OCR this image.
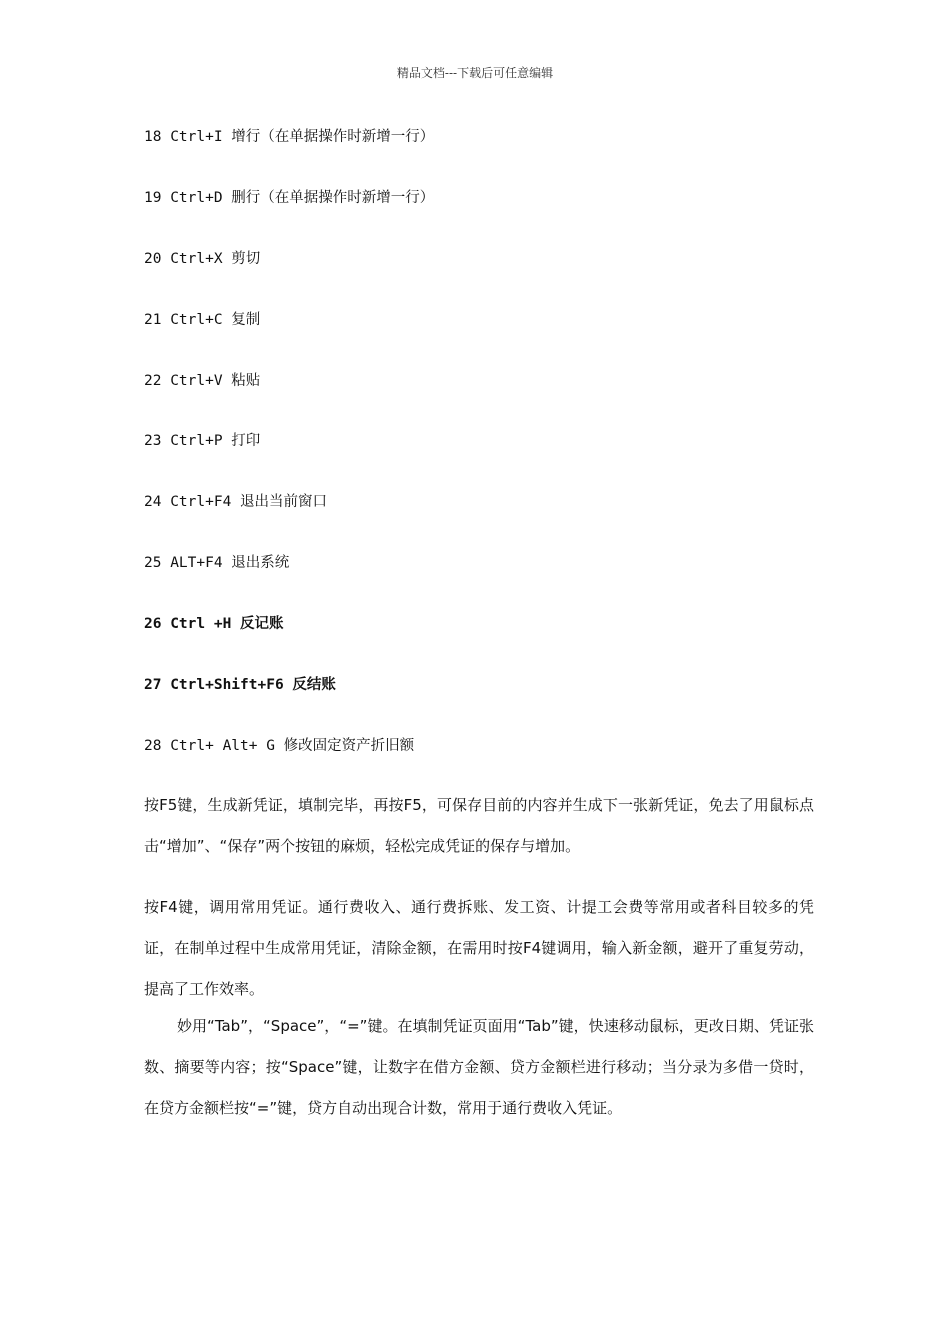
精品文档---下载后可任意编辑
18 Ctrl+I 增行（在单据操作时新增一行）
19 Ctrl+D 删行（在单据操作时新增一行）
20 Ctrl+X 剪切
21 Ctrl+C 复制
22 Ctrl+V 粘贴
23 Ctrl+P 打印
24 Ctrl+F4 退出当前窗口
25 ALT+F4 退出系统
26 Ctrl +H 反记账
27 Ctrl+Shift+F6 反结账
28 Ctrl+ Alt+ G 修改固定资产折旧额
按F5键，生成新凭证，填制完毕，再按F5，可保存目前的内容并生成下一张新凭证，免去了用鼠标点击“增加”、“保存”两个按钮的麻烦，轻松完成凭证的保存与增加。
按F4键，调用常用凭证。通行费收入、通行费拆账、发工资、计提工会费等常用或者科目较多的凭证，在制单过程中生成常用凭证，清除金额，在需用时按F4键调用，输入新金额，避开了重复劳动，提高了工作效率。
妙用“Tab”，“Space”，“=”键。在填制凭证页面用“Tab”键，快速移动鼠标，更改日期、凭证张数、摘要等内容；按“Space”键，让数字在借方金额、贷方金额栏进行移动；当分录为多借一贷时，在贷方金额栏按“=”键，贷方自动出现合计数，常用于通行费收入凭证。
